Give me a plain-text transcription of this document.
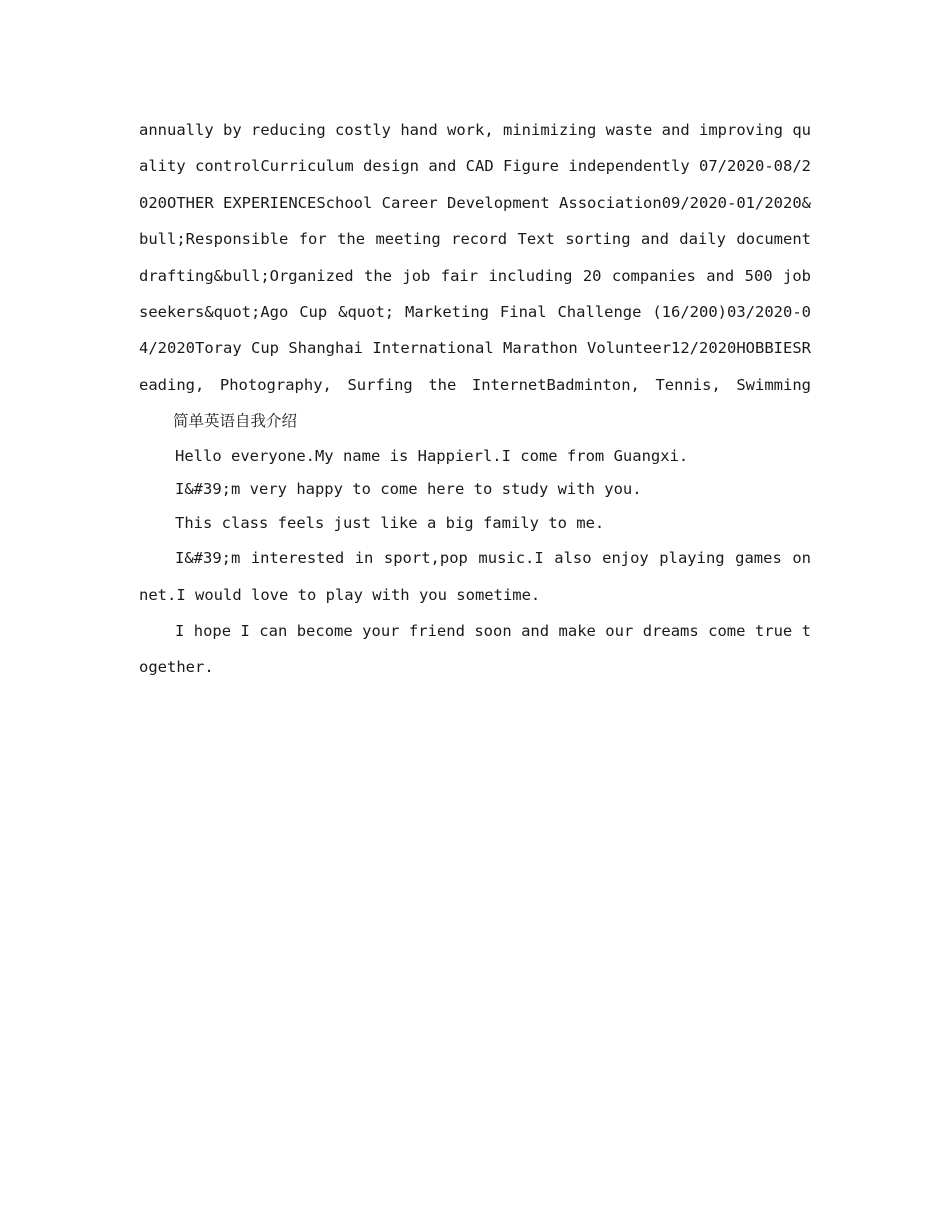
annually by reducing costly hand work, minimizing waste and improving quality controlCurriculum design and CAD Figure independently 07/2020-08/2020OTHER EXPERIENCESchool Career Development Association09/2020-01/2020&bull;Responsible for the meeting record Text sorting and daily document drafting&bull;Organized the job fair including 20 companies and 500 job seekers&quot;Ago Cup &quot; Marketing Final Challenge (16/200)03/2020-04/2020Toray Cup Shanghai International Marathon Volunteer12/2020HOBBIESReading, Photography, Surfing the InternetBadminton, Tennis, Swimming简单英语自我介绍

Hello everyone.My name is Happierl.I come from Guangxi.

I&#39;m very happy to come here to study with you.

This class feels just like a big family to me.

I&#39;m interested in sport,pop music.I also enjoy playing games on net.I would love to play with you sometime.

I hope I can become your friend soon and make our dreams come true together.
